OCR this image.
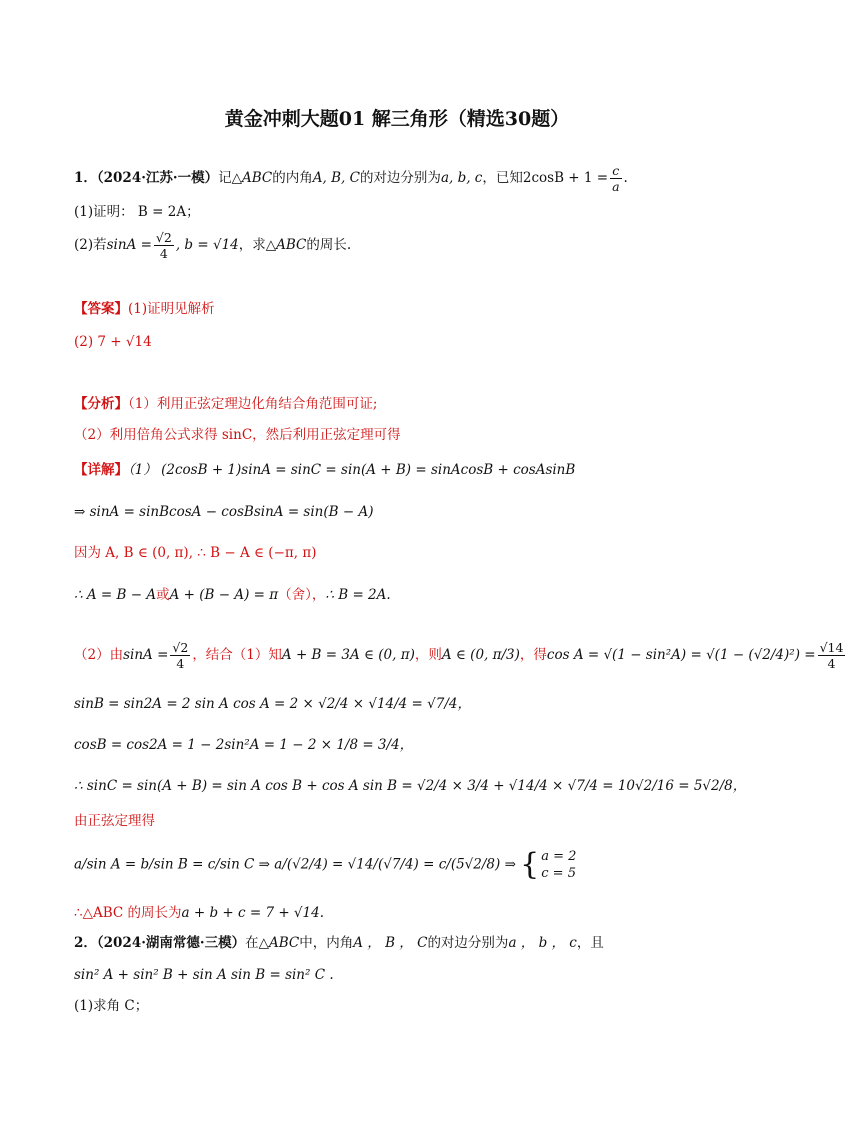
黄金冲刺大题01 解三角形（精选30题）
1．（2024·江苏·一模）记△ABC的内角A, B, C的对边分别为a, b, c，已知$2\cos B + 1 = \frac{c}{a}$ .
(1)证明： B = 2A；
(2)若$\sin A = \frac{√2}{4}$ , b = √14，求△ABC的周长.
【答案】(1)证明见解析
(2) 7 + √14
【分析】（1）利用正弦定理边化角结合角范围可证;
（2）利用倍角公式求得 sinC，然后利用正弦定理可得
【详解】（1） (2cosB + 1)sinA = sinC = sin(A + B) = sinAcosB + cosAsinB
⇒ sinA = sinBcosA − cosBsinA = sin(B − A)
因为 A, B ∈ (0, π), ∴ B − A ∈ (−π, π)
∴ A = B − A或A + (B − A) = π（舍），∴ B = 2A.
（2）由$\sin A = \frac{√2}{4}$ ，结合（1）知A + B = 3A ∈ (0, π)，则A ∈ (0, π/3)，得$\cos A = √(1 - \sin^2A) = √(1 - (√2/4)^2) = \frac{√14}{4}$
sinB = sin2A = 2 sin A cos A = 2 × √2/4 × √14/4 = √7/4，
cosB = cos2A = 1 − 2sin²A = 1 − 2 × 1/8 = 3/4，
∴ sinC = sin(A + B) = sin A cos B + cos A sin B = √2/4 × 3/4 + √14/4 × √7/4 = 10√2/16 = 5√2/8，
由正弦定理得
a/sin A = b/sin B = c/sin C ⇒ a/(√2/4) = √14/(√7/4) = c/(5√2/8) ⇒ { a = 2
c = 5
∴△ABC 的周长为a + b + c = 7 + √14.
2．（2024·湖南常德·三模）在△ABC中，内角A ， B ， C的对边分别为a ， b ， c，且
sin² A + sin² B + sin A sin B = sin² C .
(1)求角 C；
